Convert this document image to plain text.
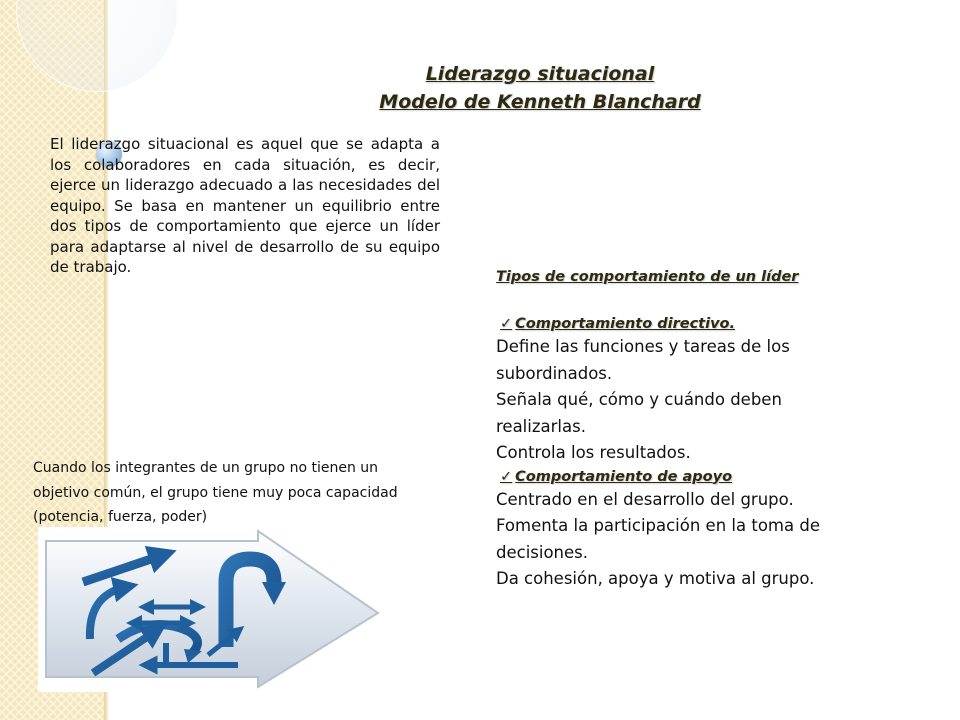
Liderazgo situacional
Modelo de Kenneth Blanchard
El liderazgo situacional es aquel que se adapta a los colaboradores en cada situación, es decir, ejerce un liderazgo adecuado a las necesidades del equipo. Se basa en mantener un equilibrio entre dos tipos de comportamiento que ejerce un líder para adaptarse al nivel de desarrollo de su equipo de trabajo.
Tipos de comportamiento de un líder
✓ Comportamiento directivo.
Define las funciones y tareas de los
subordinados.
Señala qué, cómo y cuándo deben
realizarlas.
Controla los resultados.
✓ Comportamiento de apoyo
Centrado en el desarrollo del grupo.
Fomenta la participación en la toma de
decisiones.
Da cohesión, apoya y motiva al grupo.
Cuando los integrantes de un grupo no tienen un
objetivo común, el grupo tiene muy poca capacidad
(potencia, fuerza, poder)
